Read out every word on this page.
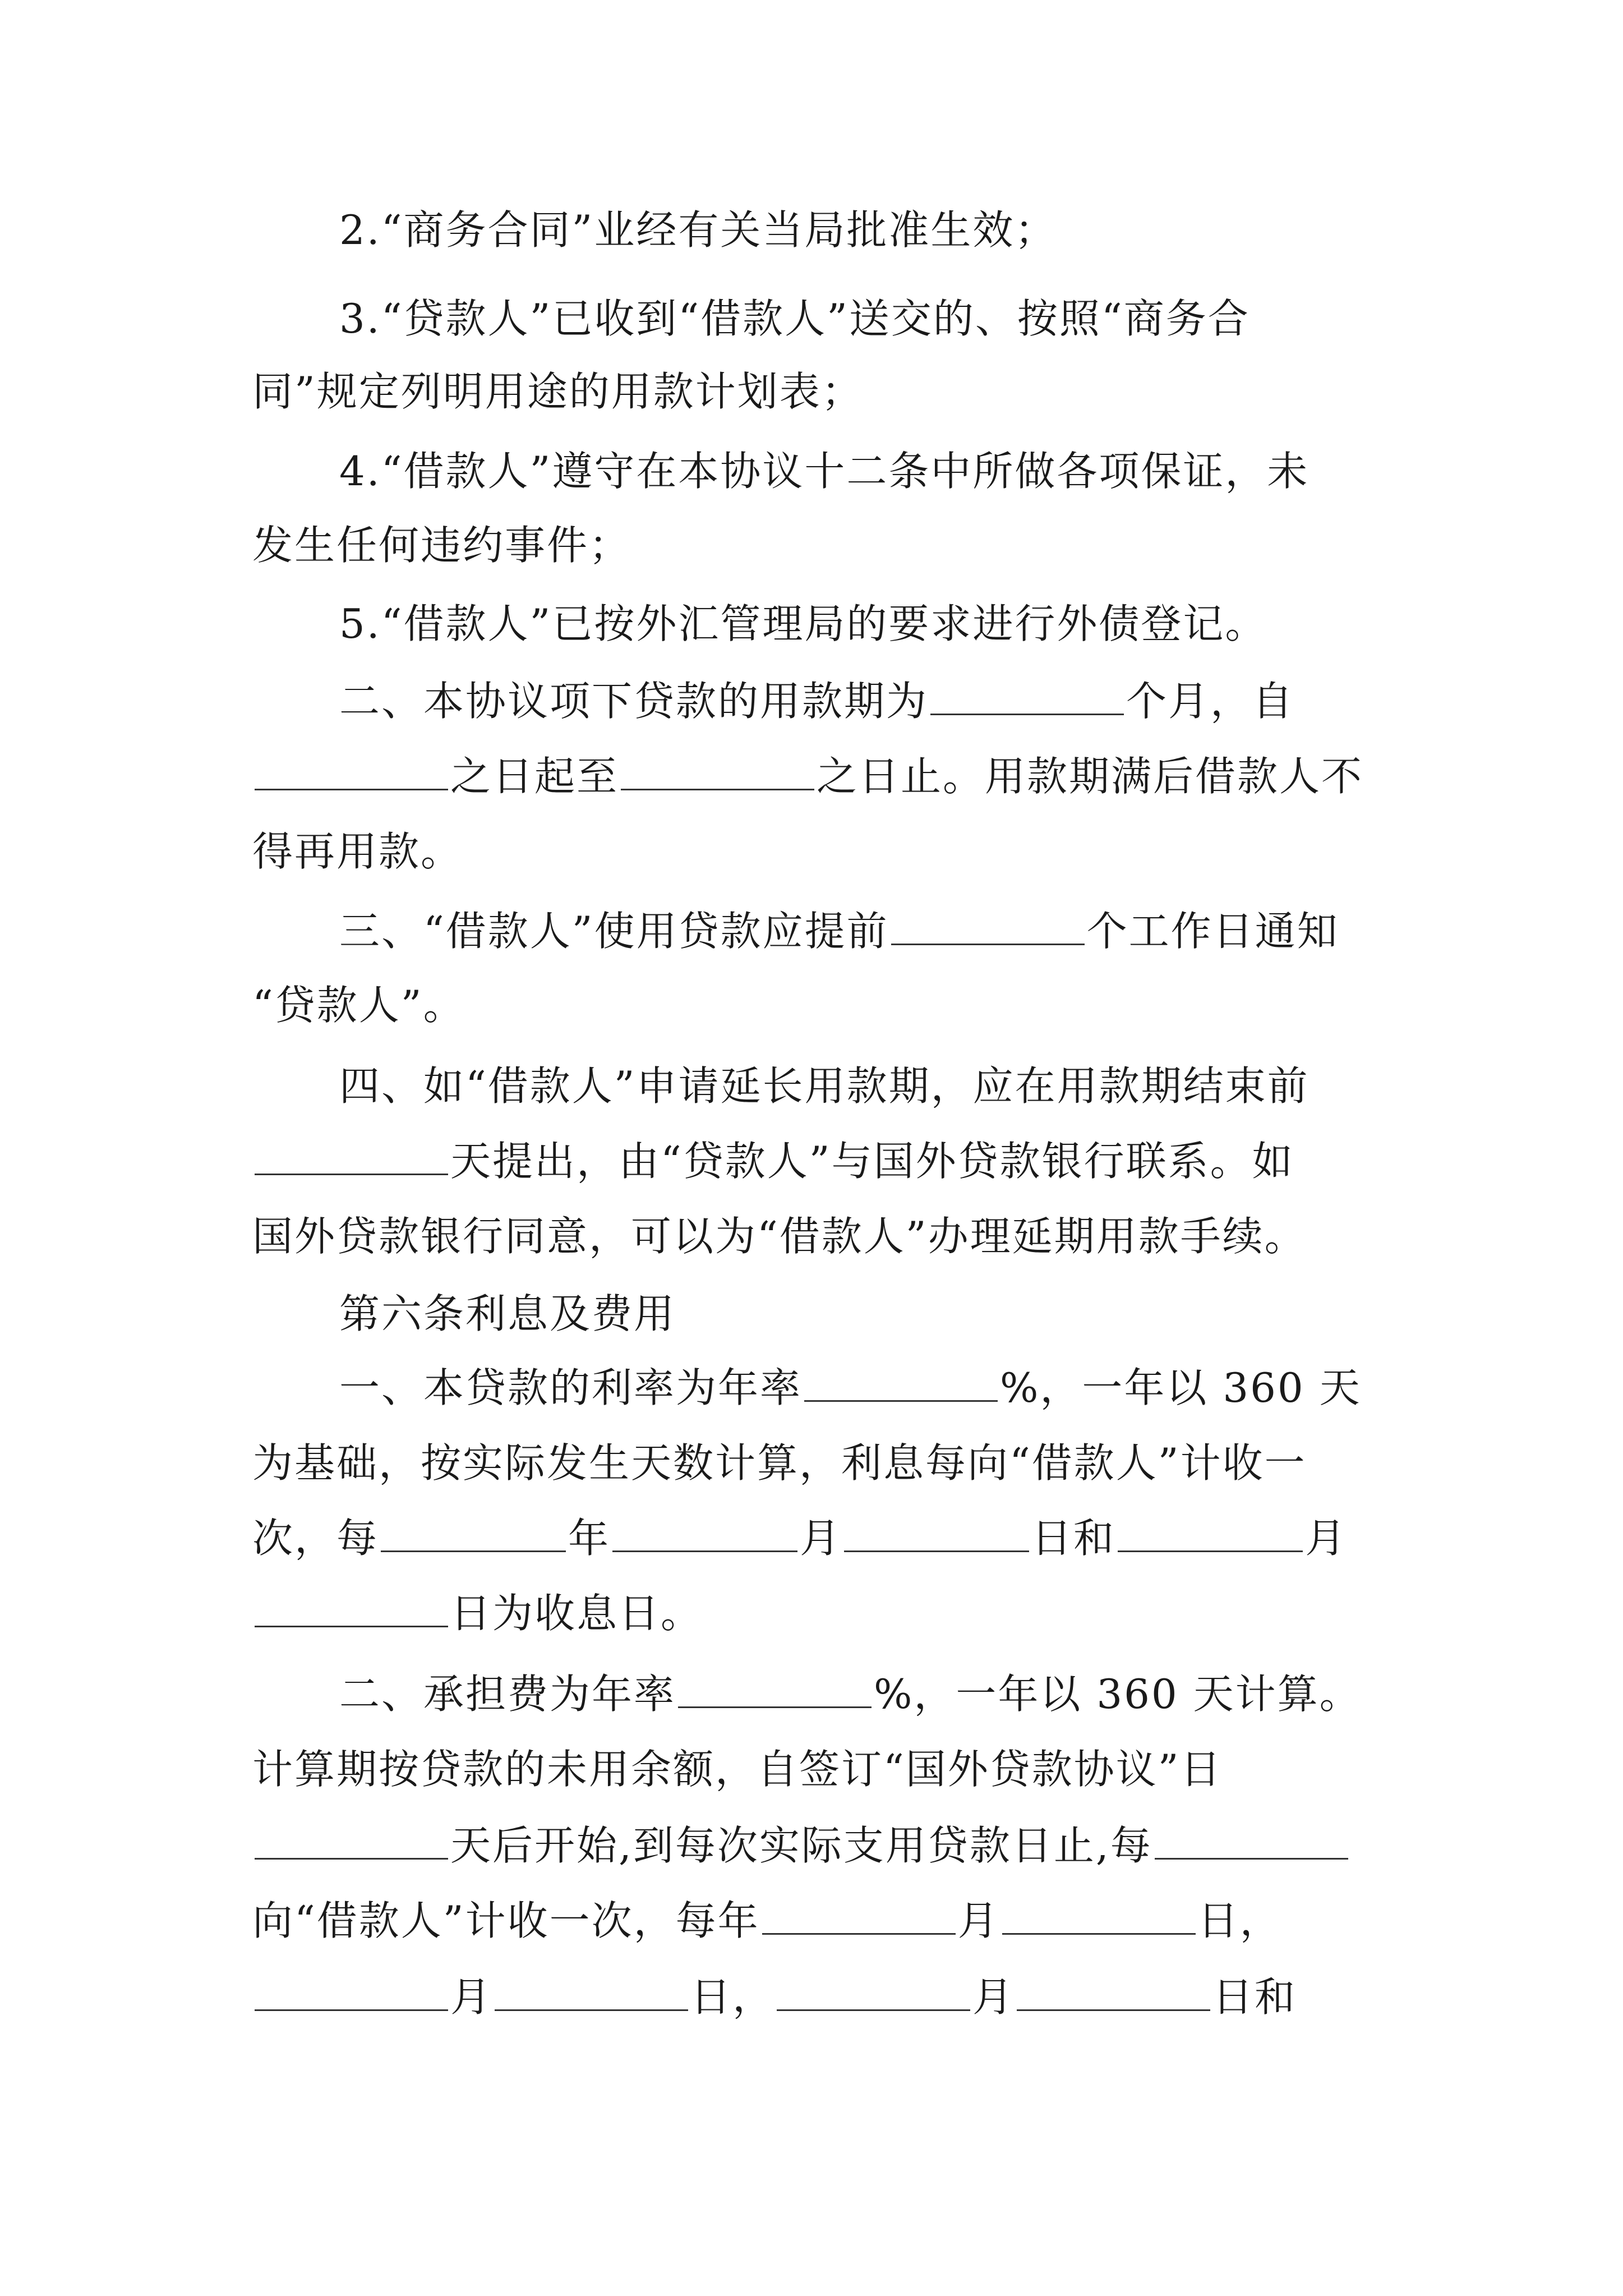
2.“商务合同”业经有关当局批准生效；
3.“贷款人”已收到“借款人”送交的、按照“商务合
同”规定列明用途的用款计划表；
4.“借款人”遵守在本协议十二条中所做各项保证，未
发生任何违约事件；
5.“借款人”已按外汇管理局的要求进行外债登记。
二、本协议项下贷款的用款期为	个月，自
之日起至	之日止。用款期满后借款人不
得再用款。
三、“借款人”使用贷款应提前	个工作日通知
“贷款人”。
四、如“借款人”申请延长用款期，应在用款期结束前
天提出，由“贷款人”与国外贷款银行联系。如
国外贷款银行同意，可以为“借款人”办理延期用款手续。
第六条利息及费用
一、本贷款的利率为年率	%，一年以 360 天
为基础，按实际发生天数计算，利息每向“借款人”计收一
次，每	年	月	日和	月
日为收息日。
二、承担费为年率	%，一年以 360 天计算。
计算期按贷款的未用余额，自签订“国外贷款协议”日
天后开始,到每次实际支用贷款日止,每
向“借款人”计收一次，每年	月	日，
月	日，	月	日和
